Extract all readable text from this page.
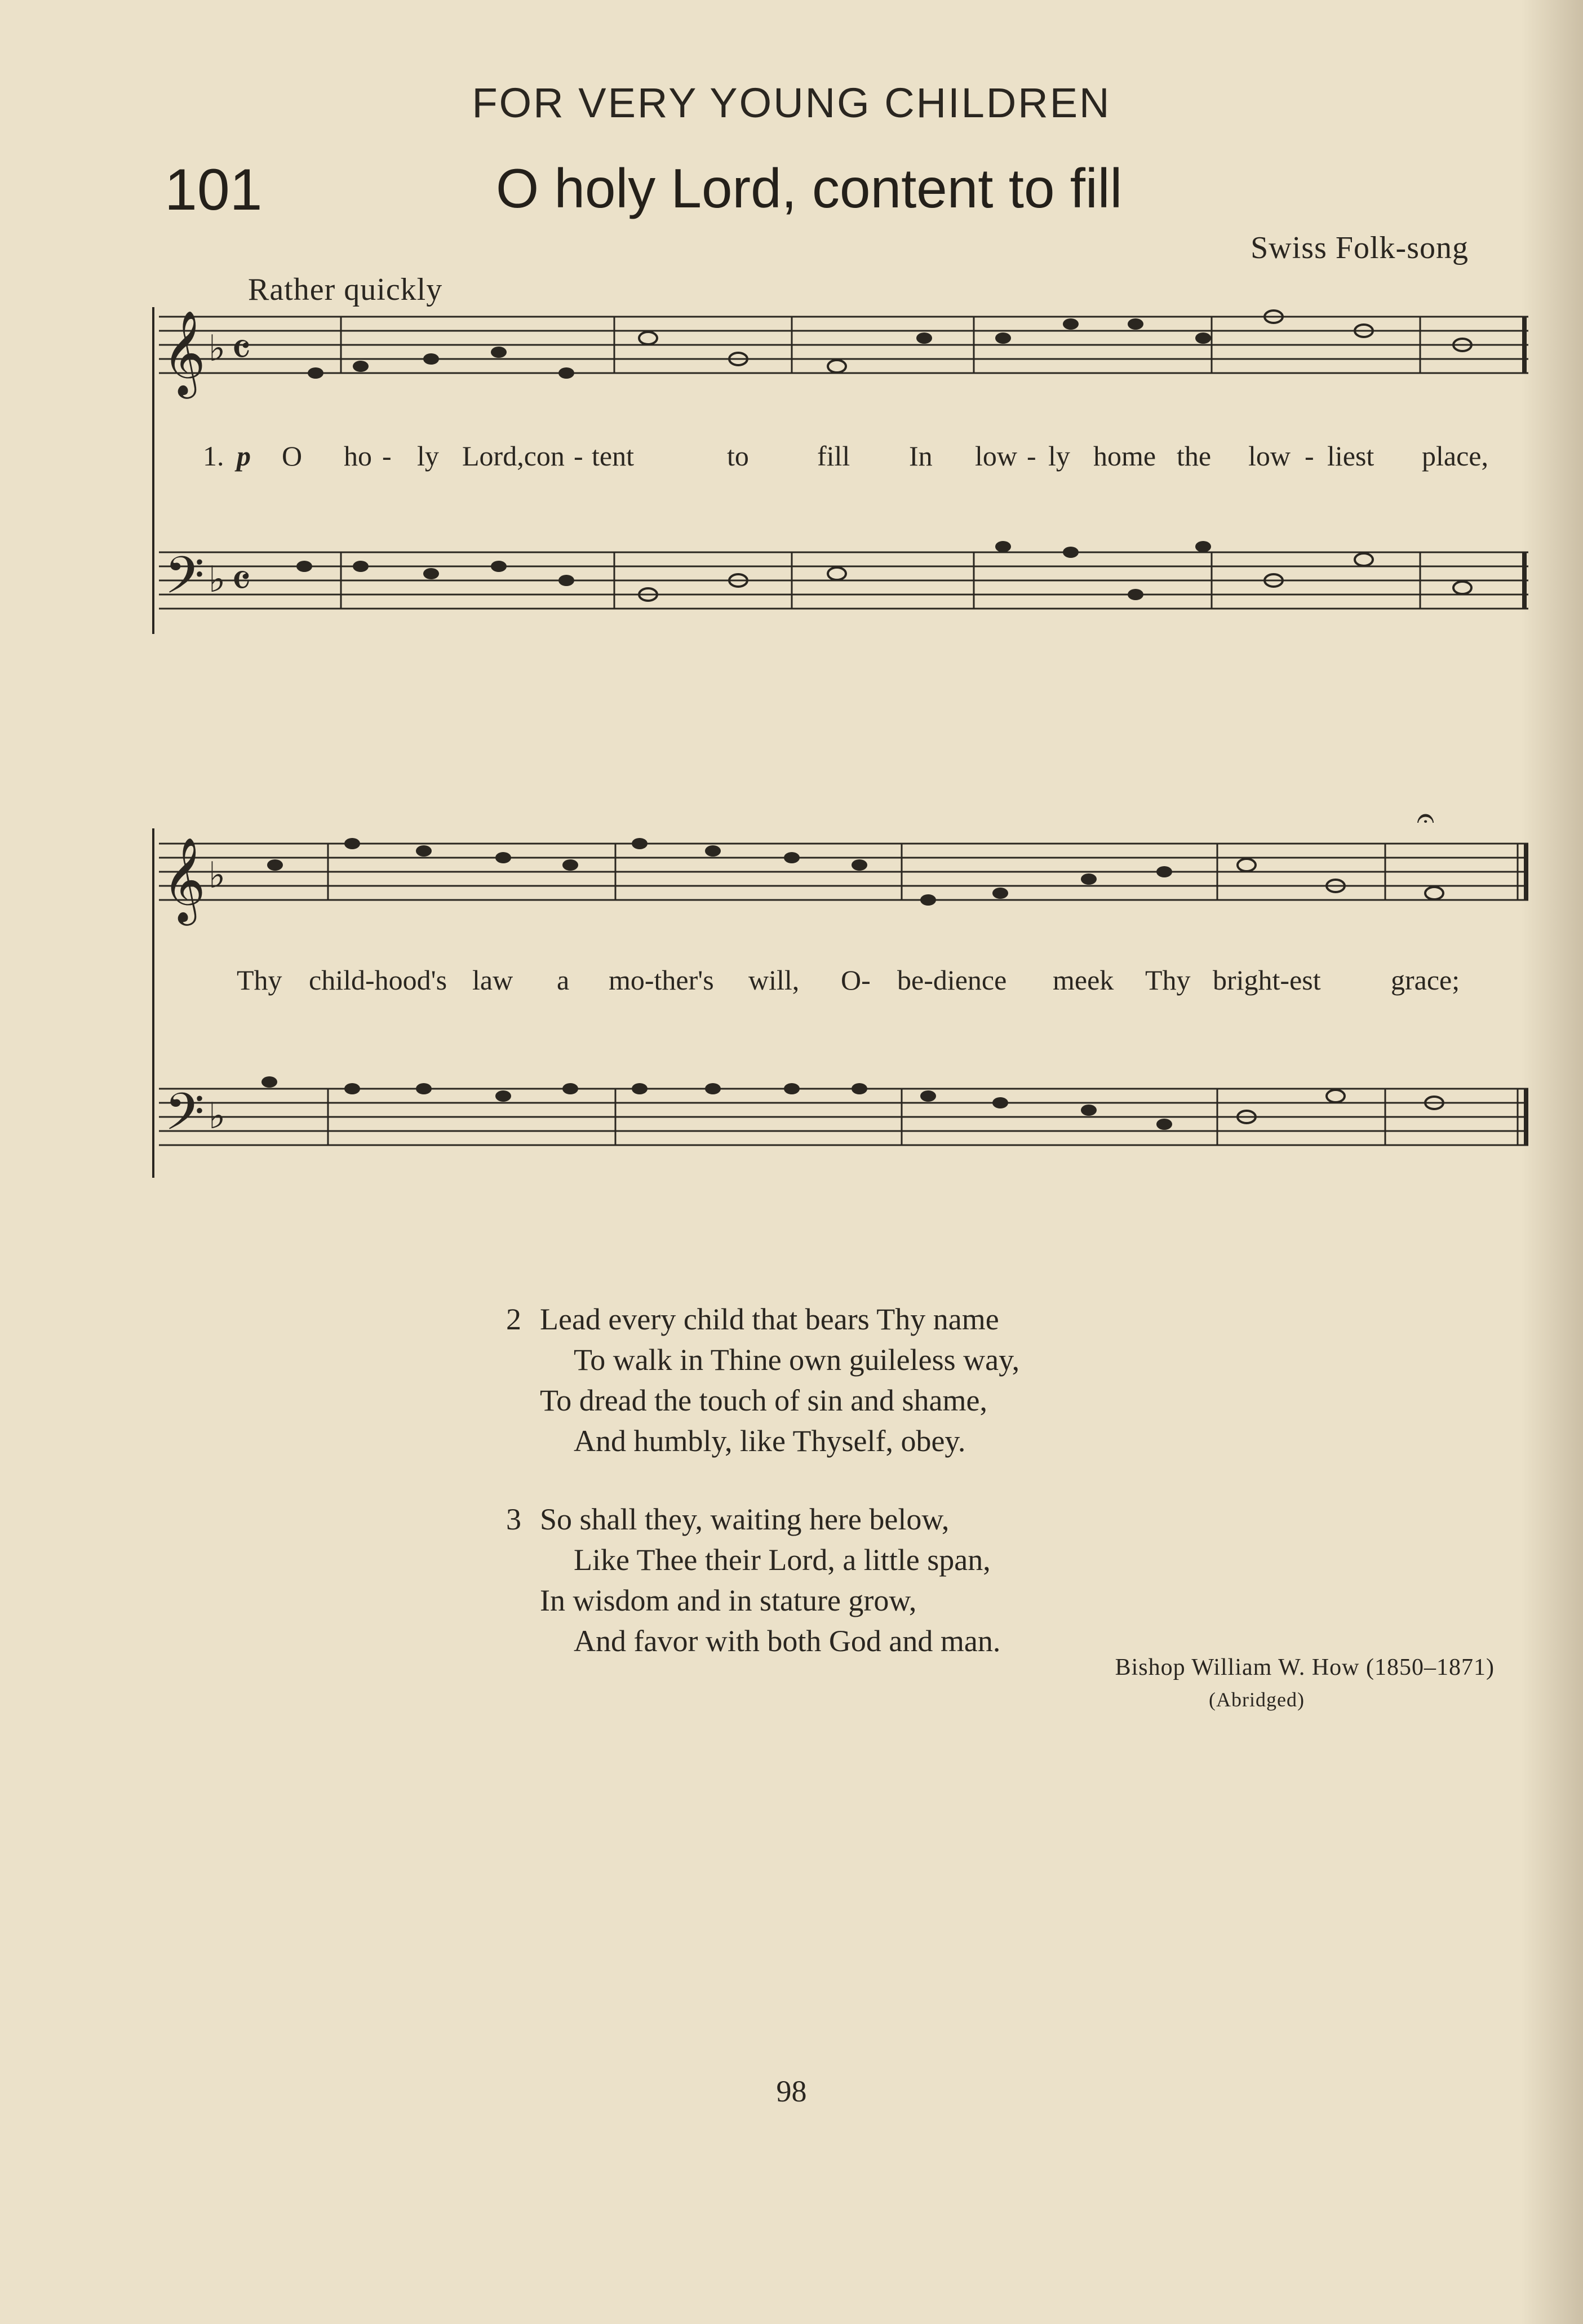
FOR VERY YOUNG CHILDREN
101	O holy Lord, content to fill
Swiss Folk-song
Rather quickly
𝄞
𝄢
♭
♭
𝄴
𝄴
𝄞
𝄢
♭
♭
𝄐
1. p O ho - ly Lord,con - tent	to fill In low - ly home the low - liest place,
Thy child-hood's law a mo-ther's will, O- be-dience meek Thy bright-est grace;
2 Lead every child that bears Thy name
To walk in Thine own guileless way,
To dread the touch of sin and shame,
And humbly, like Thyself, obey.
3 So shall they, waiting here below,
Like Thee their Lord, a little span,
In wisdom and in stature grow,
And favor with both God and man.
Bishop William W. How (1850–1871)
(Abridged)
98
